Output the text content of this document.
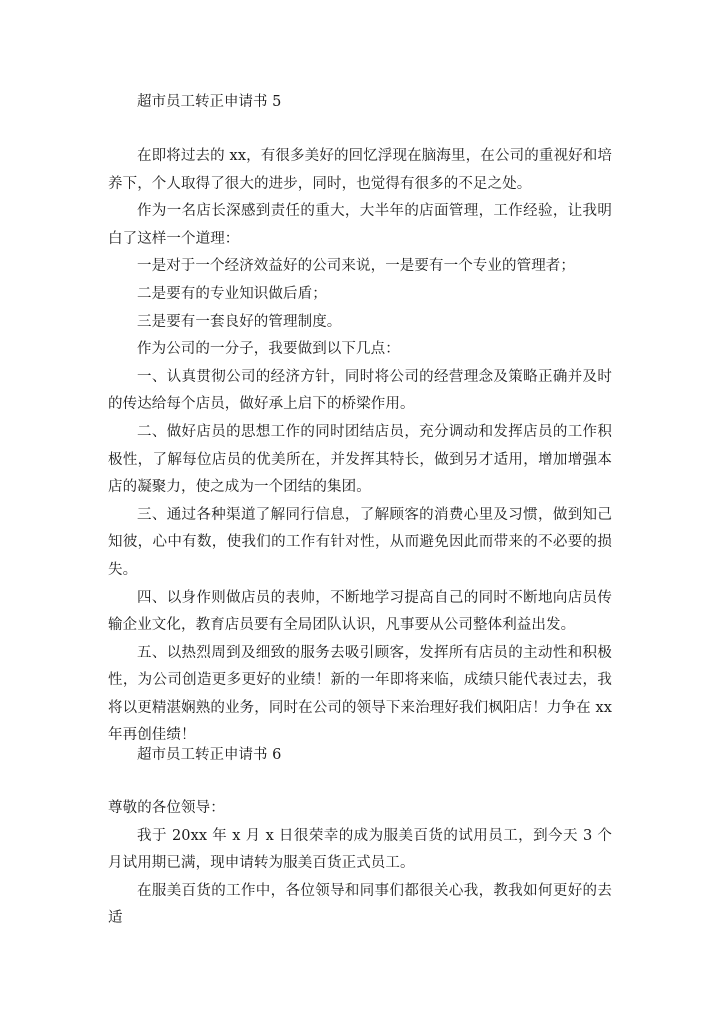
超市员工转正申请书 5

在即将过去的 xx，有很多美好的回忆浮现在脑海里，在公司的重视好和培养下，个人取得了很大的进步，同时，也觉得有很多的不足之处。

作为一名店长深感到责任的重大，大半年的店面管理，工作经验，让我明白了这样一个道理：

一是对于一个经济效益好的公司来说，一是要有一个专业的管理者；

二是要有的专业知识做后盾；

三是要有一套良好的管理制度。

作为公司的一分子，我要做到以下几点：

一、认真贯彻公司的经济方针，同时将公司的经营理念及策略正确并及时的传达给每个店员，做好承上启下的桥梁作用。

二、做好店员的思想工作的同时团结店员，充分调动和发挥店员的工作积极性，了解每位店员的优美所在，并发挥其特长，做到另才适用，增加增强本店的凝聚力，使之成为一个团结的集团。

三、通过各种渠道了解同行信息，了解顾客的消费心里及习惯，做到知己知彼，心中有数，使我们的工作有针对性，从而避免因此而带来的不必要的损失。

四、以身作则做店员的表帅，不断地学习提高自己的同时不断地向店员传输企业文化，教育店员要有全局团队认识，凡事要从公司整体利益出发。

五、以热烈周到及细致的服务去吸引顾客，发挥所有店员的主动性和积极性，为公司创造更多更好的业绩！新的一年即将来临，成绩只能代表过去，我将以更精湛娴熟的业务，同时在公司的领导下来治理好我们枫阳店！力争在 xx 年再创佳绩！

超市员工转正申请书 6

尊敬的各位领导：

我于 20xx 年 x 月 x 日很荣幸的成为服美百货的试用员工，到今天 3 个月试用期已满，现申请转为服美百货正式员工。

在服美百货的工作中，各位领导和同事们都很关心我，教我如何更好的去适
